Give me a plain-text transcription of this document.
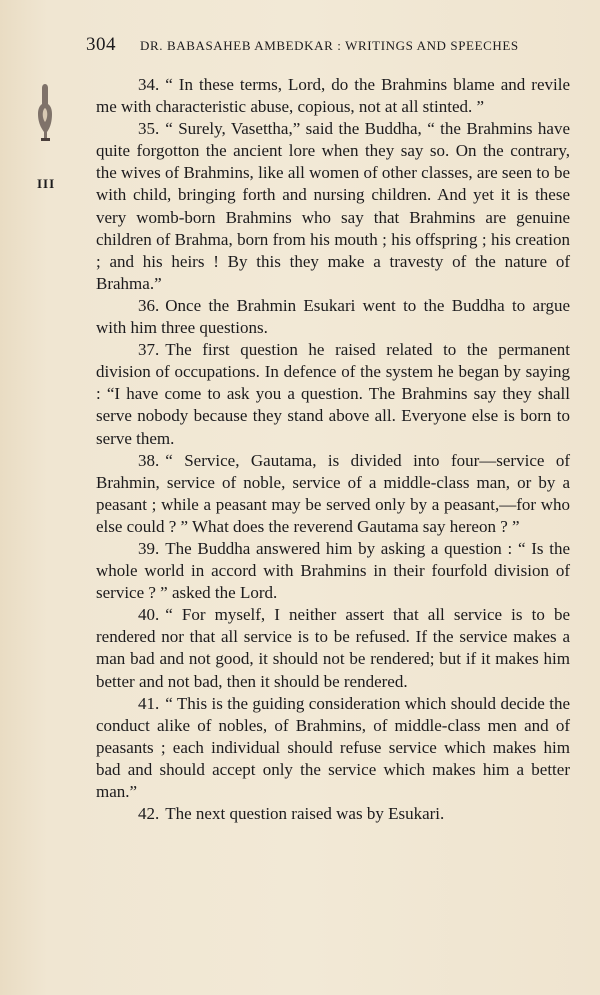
304 DR. BABASAHEB AMBEDKAR : WRITINGS AND SPEECHES
III

34. “ In these terms, Lord, do the Brahmins blame and revile me with characteristic abuse, copious, not at all stinted. ”

35. “ Surely, Vasettha,” said the Buddha, “ the Brahmins have quite forgotton the ancient lore when they say so. On the contrary, the wives of Brahmins, like all women of other classes, are seen to be with child, bringing forth and nursing children. And yet it is these very womb-born Brahmins who say that Brahmins are genuine children of Brahma, born from his mouth ; his offspring ; his creation ; and his heirs ! By this they make a travesty of the nature of Brahma.”

36. Once the Brahmin Esukari went to the Buddha to argue with him three questions.

37. The first question he raised related to the permanent division of occupations. In defence of the system he began by saying : “I have come to ask you a question. The Brahmins say they shall serve nobody because they stand above all. Everyone else is born to serve them.

38. “ Service, Gautama, is divided into four—service of Brahmin, service of noble, service of a middle-class man, or by a peasant ; while a peasant may be served only by a peasant,—for who else could ? ” What does the reverend Gautama say hereon ? ”

39. The Buddha answered him by asking a question : “ Is the whole world in accord with Brahmins in their fourfold division of service ? ” asked the Lord.

40. “ For myself, I neither assert that all service is to be rendered nor that all service is to be refused. If the service makes a man bad and not good, it should not be rendered; but if it makes him better and not bad, then it should be rendered.

41. “ This is the guiding consideration which should decide the conduct alike of nobles, of Brahmins, of middle-class men and of peasants ; each individual should refuse service which makes him bad and should accept only the service which makes him a better man.”

42. The next question raised was by Esukari.
